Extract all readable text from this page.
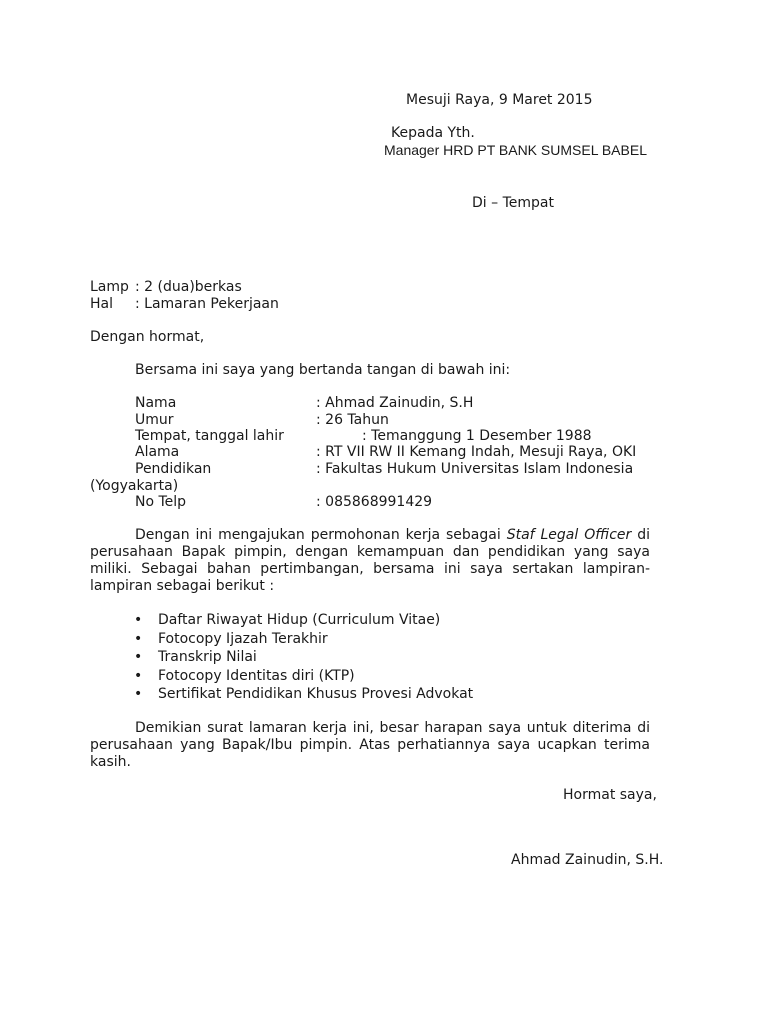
Mesuji Raya, 9 Maret 2015
Kepada Yth.
Manager HRD PT BANK SUMSEL BABEL
Di – Tempat
Lamp : 2 (dua)berkas
Hal : Lamaran Pekerjaan
Dengan hormat,
Bersama ini saya yang bertanda tangan di bawah ini:
Nama	: Ahmad Zainudin, S.H
Umur	: 26 Tahun
Tempat, tanggal lahir	: Temanggung 1 Desember 1988
Alama	: RT VII RW II Kemang Indah, Mesuji Raya, OKI
Pendidikan	: Fakultas Hukum Universitas Islam Indonesia
(Yogyakarta)
No Telp	: 085868991429

Dengan ini mengajukan permohonan kerja sebagai Staf Legal Officer di perusahaan Bapak pimpin, dengan kemampuan dan pendidikan yang saya miliki. Sebagai bahan pertimbangan, bersama ini saya sertakan lampiran-lampiran sebagai berikut :

• Daftar Riwayat Hidup (Curriculum Vitae)
• Fotocopy Ijazah Terakhir
• Transkrip Nilai
• Fotocopy Identitas diri (KTP)
• Sertifikat Pendidikan Khusus Provesi Advokat

Demikian surat lamaran kerja ini, besar harapan saya untuk diterima di perusahaan yang Bapak/Ibu pimpin. Atas perhatiannya saya ucapkan terima kasih.

Hormat saya,
Ahmad Zainudin, S.H.
